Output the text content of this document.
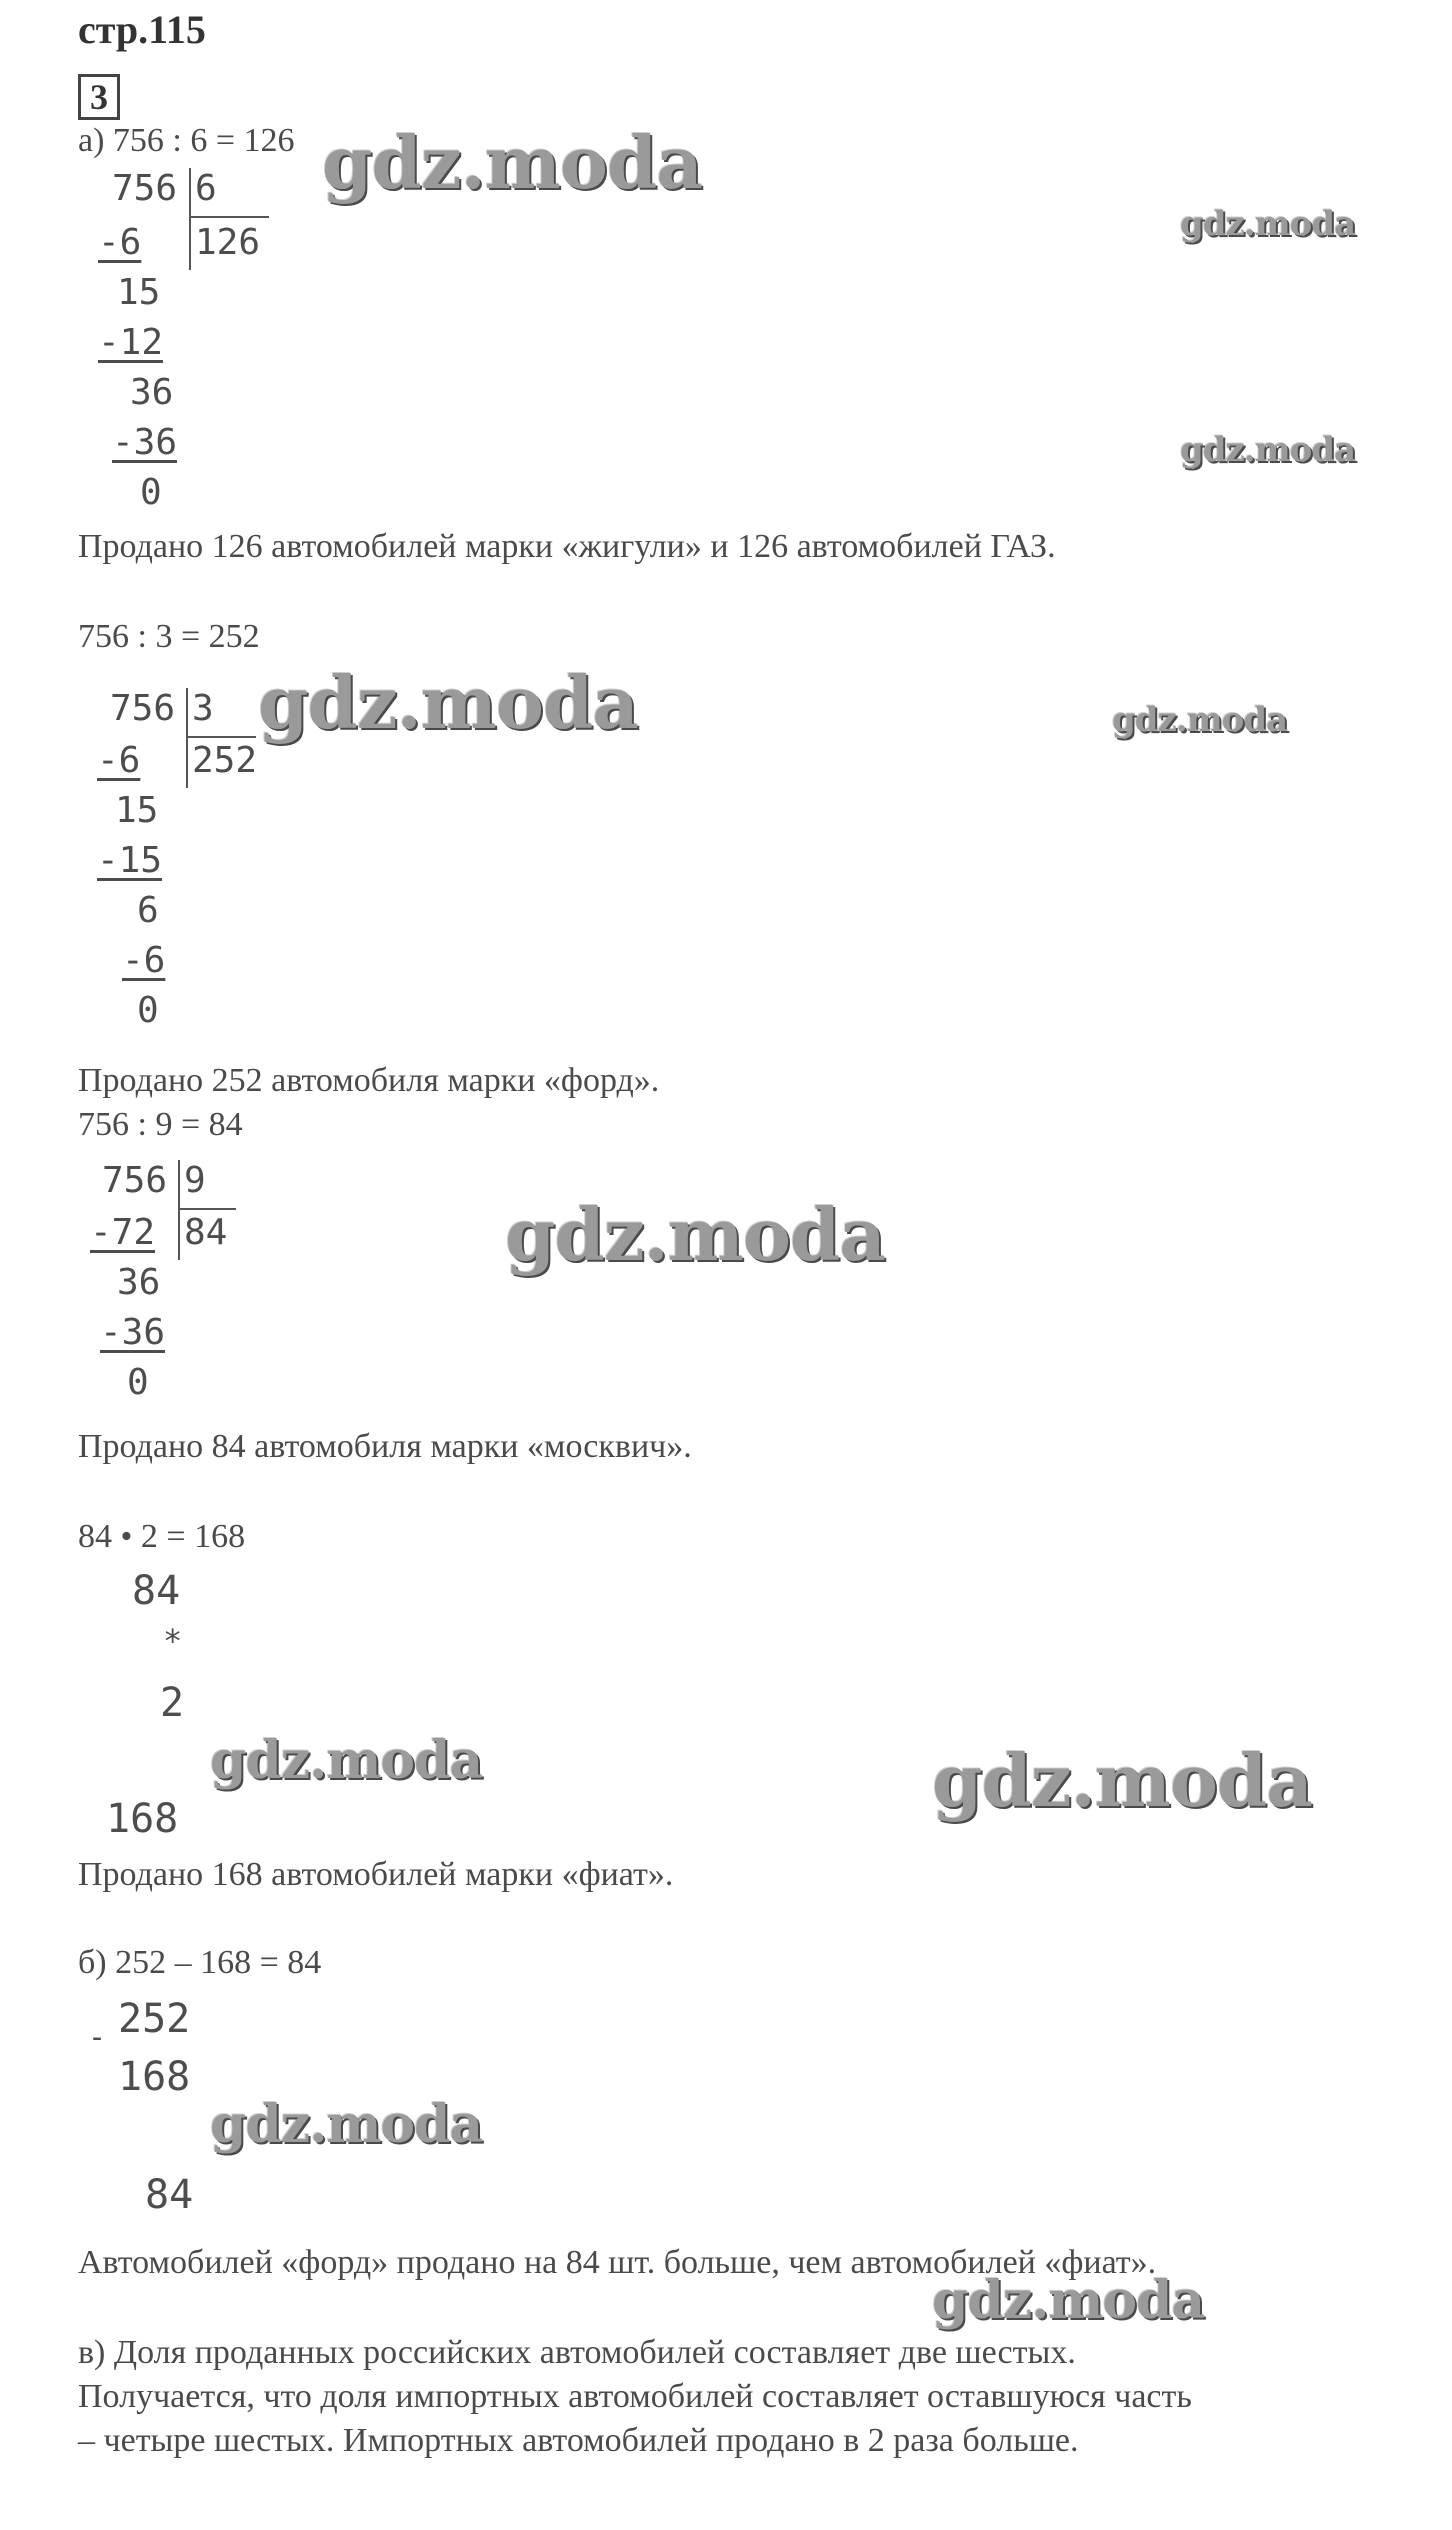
стр.115
3
а) 756 : 6 = 126
756 6
126
-6
15
-12
36
-36
0
Продано 126 автомобилей марки «жигули» и 126 автомобилей ГАЗ.
756 : 3 = 252
756 3
252
-6
15
-15
6
-6
0
Продано 252 автомобиля марки «форд».
756 : 9 = 84
756 9
84
-72
36
-36
0
Продано 84 автомобиля марки «москвич».
84 • 2 = 168
84
*
2
168
Продано 168 автомобилей марки «фиат».
б) 252 – 168 = 84
- 252
168
84
Автомобилей «форд» продано на 84 шт. больше, чем автомобилей «фиат».
в) Доля проданных российских автомобилей составляет две шестых.
Получается, что доля импортных автомобилей составляет оставшуюся часть
– четыре шестых. Импортных автомобилей продано в 2 раза больше.
gdz.moda
gdz.moda
gdz.moda
gdz.moda	gdz.moda
gdz.moda
gdz.moda	gdz.moda
gdz.moda
gdz.moda
